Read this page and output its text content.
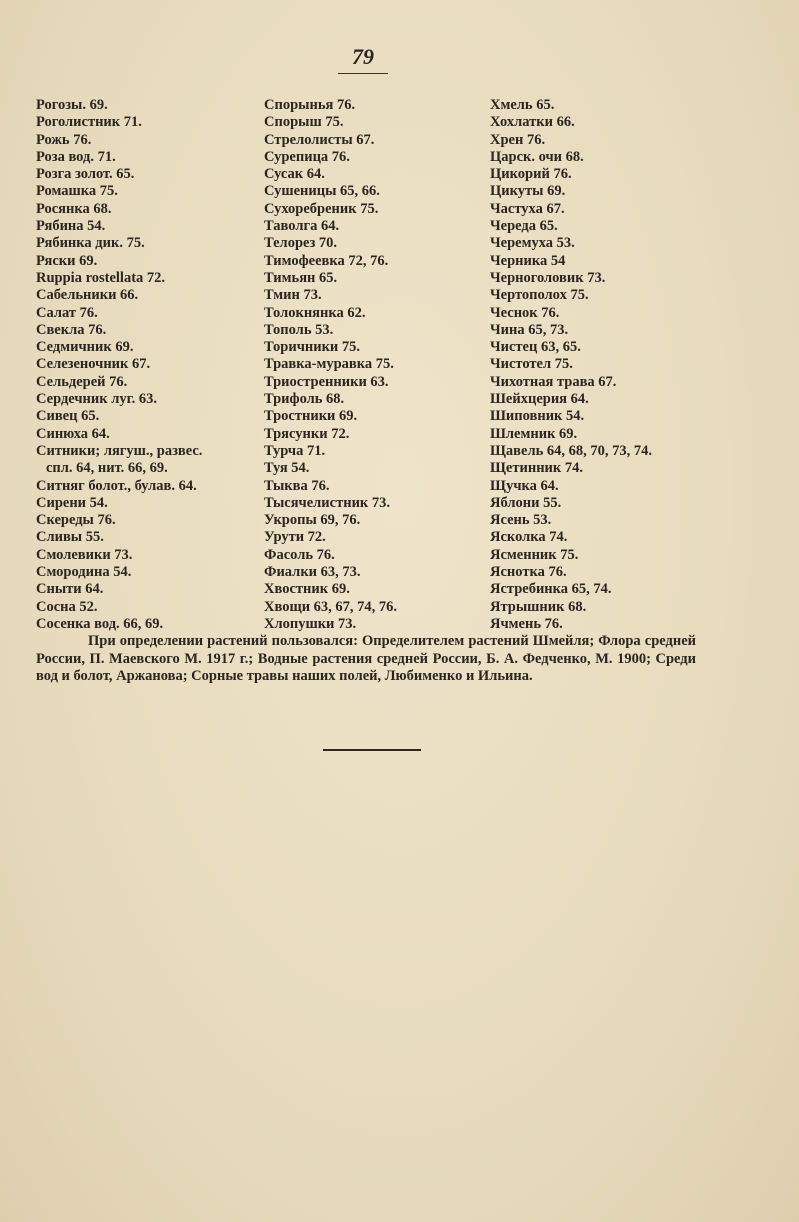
79
Рогозы. 69.
Роголистник 71.
Рожь 76.
Роза вод. 71.
Розга золот. 65.
Ромашка 75.
Росянка 68.
Рябина 54.
Рябинка дик. 75.
Ряски 69.
Ruppia rostellata 72.
Сабельники 66.
Салат 76.
Свекла 76.
Седмичник 69.
Селезеночник 67.
Сельдерей 76.
Сердечник луг. 63.
Сивец 65.
Синюха 64.
Ситники; лягуш., развес.
спл. 64, нит. 66, 69.
Ситняг болот., булав. 64.
Сирени 54.
Скереды 76.
Сливы 55.
Смолевики 73.
Смородина 54.
Сныти 64.
Сосна 52.
Сосенка вод. 66, 69.
Спорынья 76.
Спорыш 75.
Стрелолисты 67.
Сурепица 76.
Сусак 64.
Сушеницы 65, 66.
Сухоребреник 75.
Таволга 64.
Телорез 70.
Тимофеевка 72, 76.
Тимьян 65.
Тмин 73.
Толокнянка 62.
Тополь 53.
Торичники 75.
Травка-муравка 75.
Триостренники 63.
Трифоль 68.
Тростники 69.
Трясунки 72.
Турча 71.
Туя 54.
Тыква 76.
Тысячелистник 73.
Укропы 69, 76.
Урути 72.
Фасоль 76.
Фиалки 63, 73.
Хвостник 69.
Хвощи 63, 67, 74, 76.
Хлопушки 73.
Хмель 65.
Хохлатки 66.
Хрен 76.
Царск. очи 68.
Цикорий 76.
Цикуты 69.
Частуха 67.
Череда 65.
Черемуха 53.
Черника 54
Черноголовик 73.
Чертополох 75.
Чеснок 76.
Чина 65, 73.
Чистец 63, 65.
Чистотел 75.
Чихотная трава 67.
Шейхцерия 64.
Шиповник 54.
Шлемник 69.
Щавель 64, 68, 70, 73, 74.
Щетинник 74.
Щучка 64.
Яблони 55.
Ясень 53.
Ясколка 74.
Ясменник 75.
Яснотка 76.
Ястребинка 65, 74.
Ятрышник 68.
Ячмень 76.
При определении растений пользовался: Определителем растений Шмейля; Флора средней России, П. Маевского М. 1917 г.; Водные растения средней России, Б. А. Федченко, М. 1900; Среди вод и болот, Аржанова; Сорные травы наших полей, Любименко и Ильина.
